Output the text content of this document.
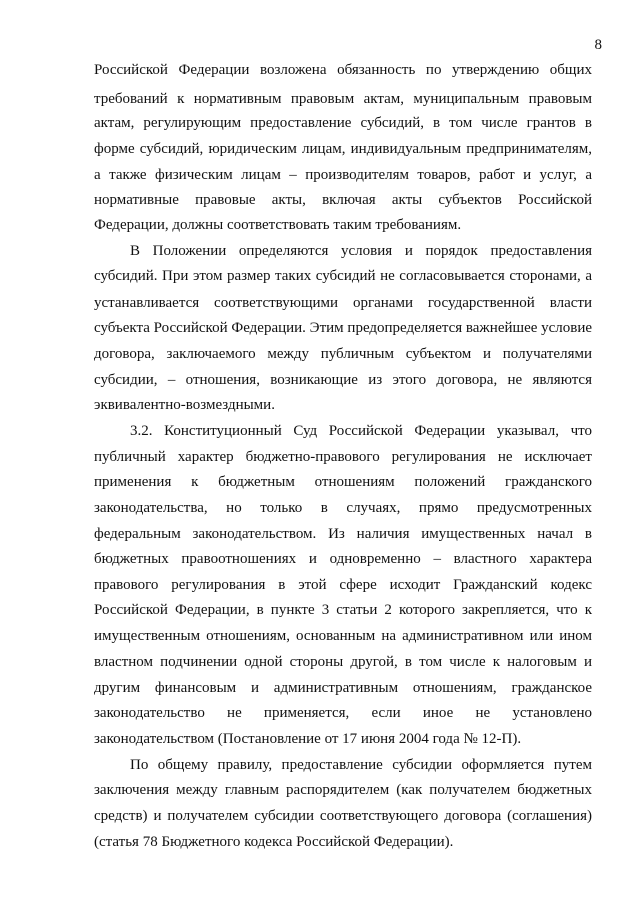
8
Российской Федерации возложена обязанность по утверждению общих
требований к нормативным правовым актам, муниципальным правовым
актам, регулирующим предоставление субсидий, в том числе грантов в
форме субсидий, юридическим лицам, индивидуальным предпринимателям,
а также физическим лицам – производителям товаров, работ и услуг, а
нормативные правовые акты, включая акты субъектов Российской
Федерации, должны соответствовать таким требованиям.
В Положении определяются условия и порядок предоставления
субсидий. При этом размер таких субсидий не согласовывается сторонами, а
устанавливается соответствующими органами государственной власти
субъекта Российской Федерации. Этим предопределяется важнейшее условие
договора, заключаемого между публичным субъектом и получателями
субсидии, – отношения, возникающие из этого договора, не являются
эквивалентно-возмездными.
3.2. Конституционный Суд Российской Федерации указывал, что
публичный характер бюджетно-правового регулирования не исключает
применения к бюджетным отношениям положений гражданского
законодательства, но только в случаях, прямо предусмотренных
федеральным законодательством. Из наличия имущественных начал в
бюджетных правоотношениях и одновременно – властного характера
правового регулирования в этой сфере исходит Гражданский кодекс
Российской Федерации, в пункте 3 статьи 2 которого закрепляется, что к
имущественным отношениям, основанным на административном или ином
властном подчинении одной стороны другой, в том числе к налоговым и
другим финансовым и административным отношениям, гражданское
законодательство не применяется, если иное не установлено
законодательством (Постановление от 17 июня 2004 года № 12-П).
По общему правилу, предоставление субсидии оформляется путем
заключения между главным распорядителем (как получателем бюджетных
средств) и получателем субсидии соответствующего договора (соглашения)
(статья 78 Бюджетного кодекса Российской Федерации).
